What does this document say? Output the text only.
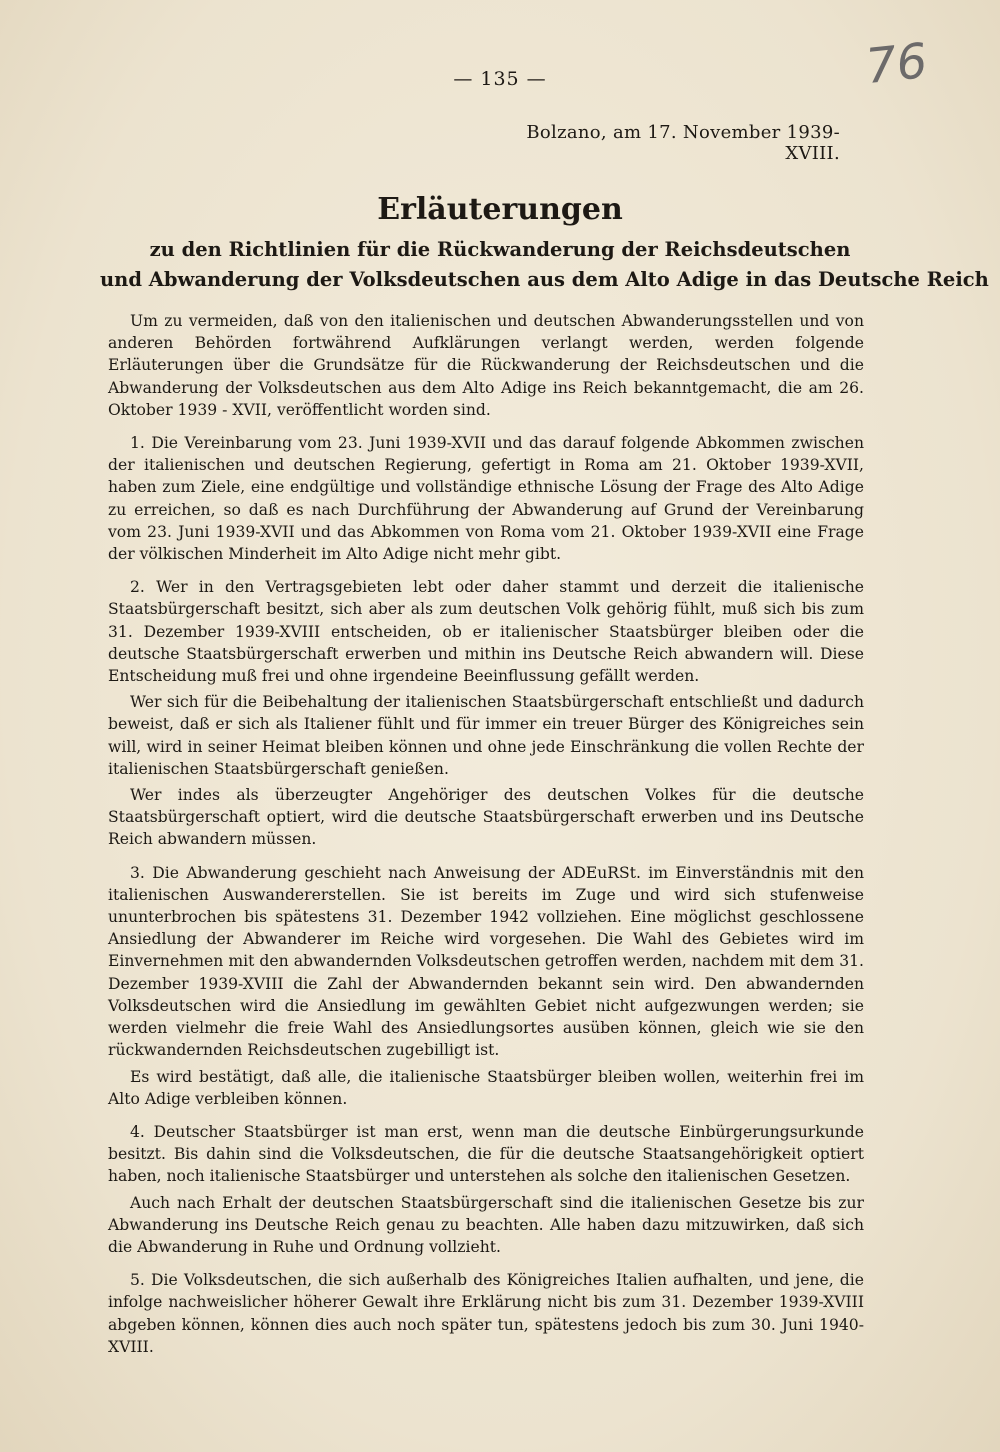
— 135 —	76
Bolzano, am 17. November 1939-XVIII.
Erläuterungen
zu den Richtlinien für die Rückwanderung der Reichsdeutschen
und Abwanderung der Volksdeutschen aus dem Alto Adige in das Deutsche Reich

Um zu vermeiden, daß von den italienischen und deutschen Abwanderungsstellen und von anderen Behörden fortwährend Aufklärungen verlangt werden, werden folgende Erläuterungen über die Grundsätze für die Rückwanderung der Reichsdeutschen und die Abwanderung der Volksdeutschen aus dem Alto Adige ins Reich bekanntgemacht, die am 26. Oktober 1939 - XVII, veröffentlicht worden sind.

1. Die Vereinbarung vom 23. Juni 1939-XVII und das darauf folgende Abkommen zwischen der italienischen und deutschen Regierung, gefertigt in Roma am 21. Oktober 1939-XVII, haben zum Ziele, eine endgültige und vollständige ethnische Lösung der Frage des Alto Adige zu erreichen, so daß es nach Durchführung der Abwanderung auf Grund der Vereinbarung vom 23. Juni 1939-XVII und das Abkommen von Roma vom 21. Oktober 1939-XVII eine Frage der völkischen Minderheit im Alto Adige nicht mehr gibt.

2. Wer in den Vertragsgebieten lebt oder daher stammt und derzeit die italienische Staatsbürgerschaft besitzt, sich aber als zum deutschen Volk gehörig fühlt, muß sich bis zum 31. Dezember 1939-XVIII entscheiden, ob er italienischer Staatsbürger bleiben oder die deutsche Staatsbürgerschaft erwerben und mithin ins Deutsche Reich abwandern will. Diese Entscheidung muß frei und ohne irgendeine Beeinflussung gefällt werden.

Wer sich für die Beibehaltung der italienischen Staatsbürgerschaft entschließt und dadurch beweist, daß er sich als Italiener fühlt und für immer ein treuer Bürger des Königreiches sein will, wird in seiner Heimat bleiben können und ohne jede Einschränkung die vollen Rechte der italienischen Staatsbürgerschaft genießen.

Wer indes als überzeugter Angehöriger des deutschen Volkes für die deutsche Staatsbürgerschaft optiert, wird die deutsche Staatsbürgerschaft erwerben und ins Deutsche Reich abwandern müssen.

3. Die Abwanderung geschieht nach Anweisung der ADEuRSt. im Einverständnis mit den italienischen Auswandererstellen. Sie ist bereits im Zuge und wird sich stufenweise ununterbrochen bis spätestens 31. Dezember 1942 vollziehen. Eine möglichst geschlossene Ansiedlung der Abwanderer im Reiche wird vorgesehen. Die Wahl des Gebietes wird im Einvernehmen mit den abwandernden Volksdeutschen getroffen werden, nachdem mit dem 31. Dezember 1939-XVIII die Zahl der Abwandernden bekannt sein wird. Den abwandernden Volksdeutschen wird die Ansiedlung im gewählten Gebiet nicht aufgezwungen werden; sie werden vielmehr die freie Wahl des Ansiedlungsortes ausüben können, gleich wie sie den rückwandernden Reichsdeutschen zugebilligt ist.

Es wird bestätigt, daß alle, die italienische Staatsbürger bleiben wollen, weiterhin frei im Alto Adige verbleiben können.

4. Deutscher Staatsbürger ist man erst, wenn man die deutsche Einbürgerungsurkunde besitzt. Bis dahin sind die Volksdeutschen, die für die deutsche Staatsangehörigkeit optiert haben, noch italienische Staatsbürger und unterstehen als solche den italienischen Gesetzen.

Auch nach Erhalt der deutschen Staatsbürgerschaft sind die italienischen Gesetze bis zur Abwanderung ins Deutsche Reich genau zu beachten. Alle haben dazu mitzuwirken, daß sich die Abwanderung in Ruhe und Ordnung vollzieht.

5. Die Volksdeutschen, die sich außerhalb des Königreiches Italien aufhalten, und jene, die infolge nachweislicher höherer Gewalt ihre Erklärung nicht bis zum 31. Dezember 1939-XVIII abgeben können, können dies auch noch später tun, spätestens jedoch bis zum 30. Juni 1940-XVIII.
